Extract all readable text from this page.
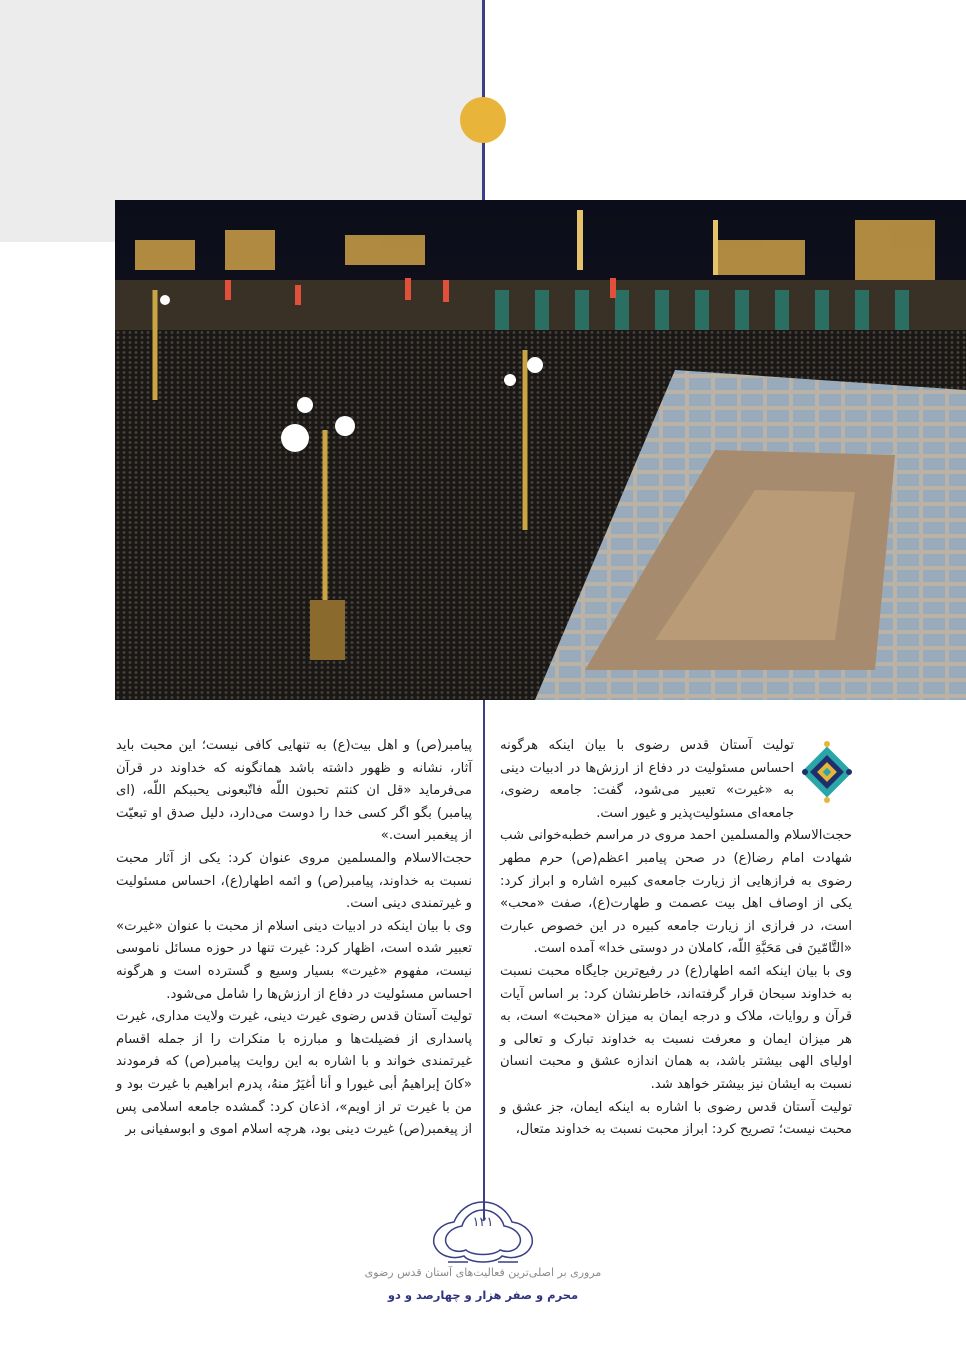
تولیت آستان قدس رضوی با بیان اینکه هرگونه احساس مسئولیت در دفاع از ارزش‌ها در ادبیات دینی به «غیرت» تعبیر می‌شود، گفت: جامعه رضوی، جامعه‌ای مسئولیت‌پذیر و غیور است.

حجت‌الاسلام والمسلمین احمد مروی در مراسم خطبه‌خوانی شب شهادت امام رضا(ع) در صحن پیامبر اعظم(ص) حرم مطهر رضوی به فرازهایی از زیارت جامعه‌ی کبیره اشاره و ابراز کرد: یکی از اوصاف اهل بیت عصمت و طهارت(ع)، صفت «محب» است، در فرازی از زیارت جامعه کبیره در این خصوص عبارت «التَّامّینَ فی مَحَبَّةِ اللّه، کاملان در دوستی خدا» آمده است.

وی با بیان اینکه ائمه اطهار(ع) در رفیع‌ترین جایگاه محبت نسبت به خداوند سبحان قرار گرفته‌اند، خاطرنشان کرد: بر اساس آیات قرآن و روایات، ملاک و درجه ایمان به میزان «محبت» است، به هر میزان ایمان و معرفت نسبت به خداوند تبارک و تعالی و اولیای الهی بیشتر باشد، به همان اندازه عشق و محبت انسان نسبت به ایشان نیز بیشتر خواهد شد.

تولیت آستان قدس رضوی با اشاره به اینکه ایمان، جز عشق و محبت نیست؛ تصریح کرد: ابراز محبت نسبت به خداوند متعال،

پیامبر(ص) و اهل بیت(ع) به تنهایی کافی نیست؛ این محبت باید آثار، نشانه و ظهور داشته باشد همانگونه که خداوند در قرآن می‌فرماید «قل ان کنتم تحبون اللّه فاتّبعونی یحببکم اللّه، (ای پیامبر) بگو اگر کسی خدا را دوست می‌دارد، دلیل صدق او تبعیّت از پیغمبر است.»

حجت‌الاسلام والمسلمین مروی عنوان کرد: یکی از آثار محبت نسبت به خداوند، پیامبر(ص) و ائمه اطهار(ع)، احساس مسئولیت و غیرتمندی دینی است.

وی با بیان اینکه در ادبیات دینی اسلام از محبت با عنوان «غیرت» تعبیر شده است، اظهار کرد: غیرت تنها در حوزه مسائل ناموسی نیست، مفهوم «غیرت» بسیار وسیع و گسترده است و هرگونه احساس مسئولیت در دفاع از ارزش‌ها را شامل می‌شود.

تولیت آستان قدس رضوی غیرت دینی، غیرت ولایت مداری، غیرت پاسداری از فضیلت‌ها و مبارزه با منکرات را از جمله اقسام غیرتمندی خواند و با اشاره به این روایت پیامبر(ص) که فرمودند «کانَ إبراهیمُ أبی غیورا و أنا أغیَرُ منهُ، پدرم ابراهیم با غیرت بود و من با غیرت تر از اویم»، اذعان کرد: گمشده جامعه اسلامی پس از پیغمبر(ص) غیرت دینی بود، هرچه اسلام اموی و ابوسفیانی بر

۱۲۱
مروری بر اصلی‌ترین فعالیت‌های آستان قدس رضوی
محرم و صفر هزار و چهارصد و دو
